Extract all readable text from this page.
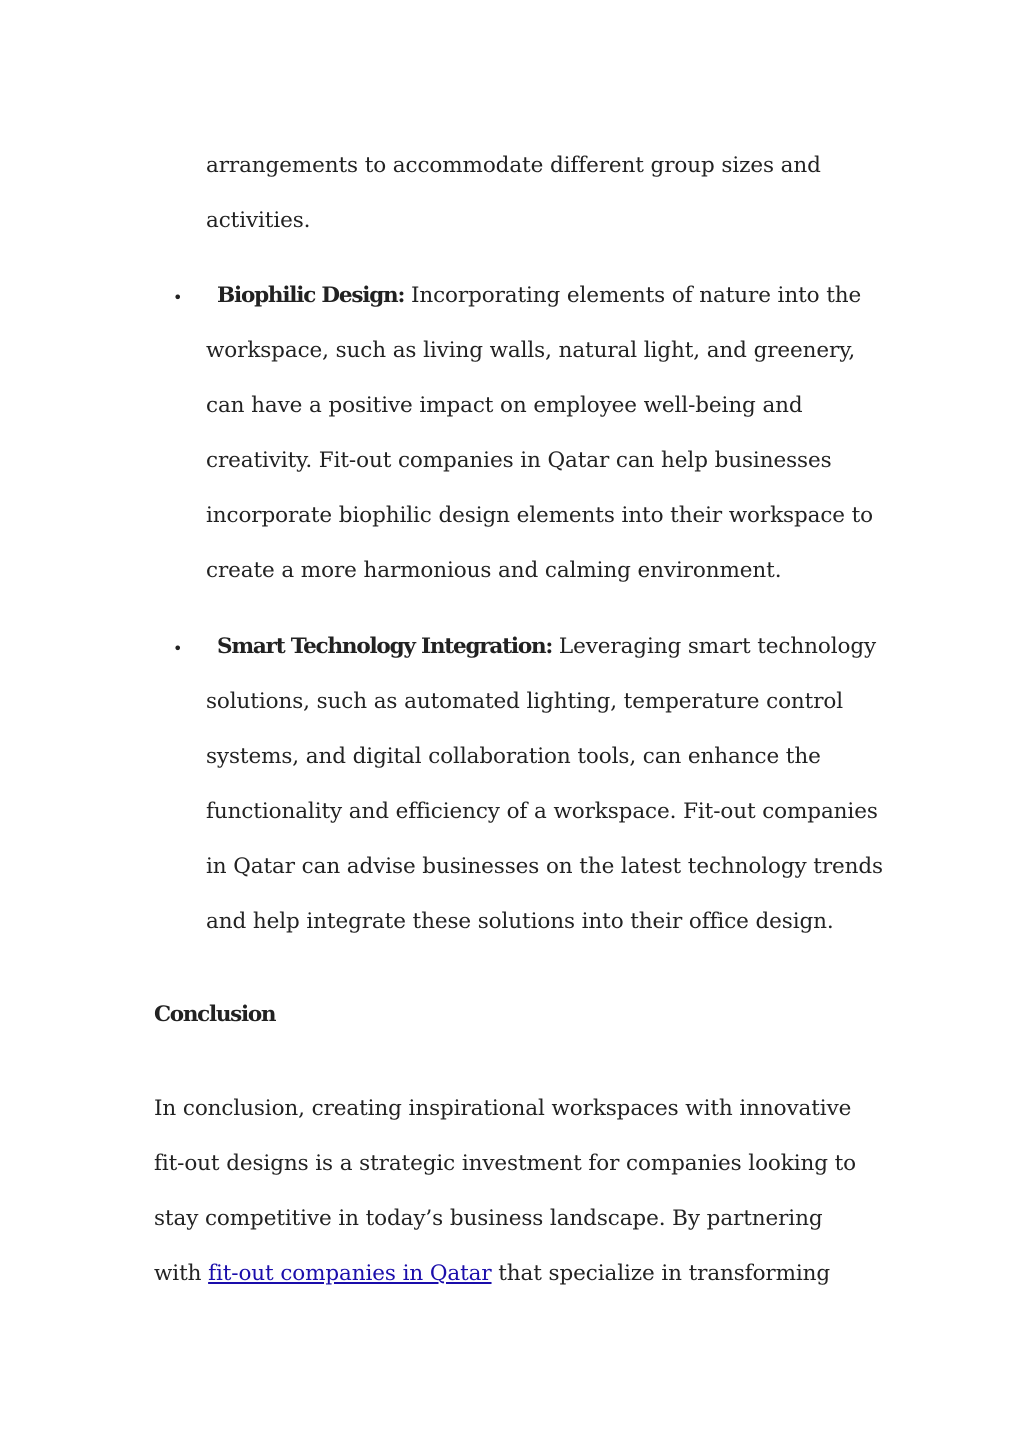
arrangements to accommodate different group sizes and
activities.
• Biophilic Design: Incorporating elements of nature into the
workspace, such as living walls, natural light, and greenery,
can have a positive impact on employee well-being and
creativity. Fit-out companies in Qatar can help businesses
incorporate biophilic design elements into their workspace to
create a more harmonious and calming environment.
• Smart Technology Integration: Leveraging smart technology
solutions, such as automated lighting, temperature control
systems, and digital collaboration tools, can enhance the
functionality and efficiency of a workspace. Fit-out companies
in Qatar can advise businesses on the latest technology trends
and help integrate these solutions into their office design.
Conclusion
In conclusion, creating inspirational workspaces with innovative
fit-out designs is a strategic investment for companies looking to
stay competitive in today’s business landscape. By partnering
with fit-out companies in Qatar that specialize in transforming
